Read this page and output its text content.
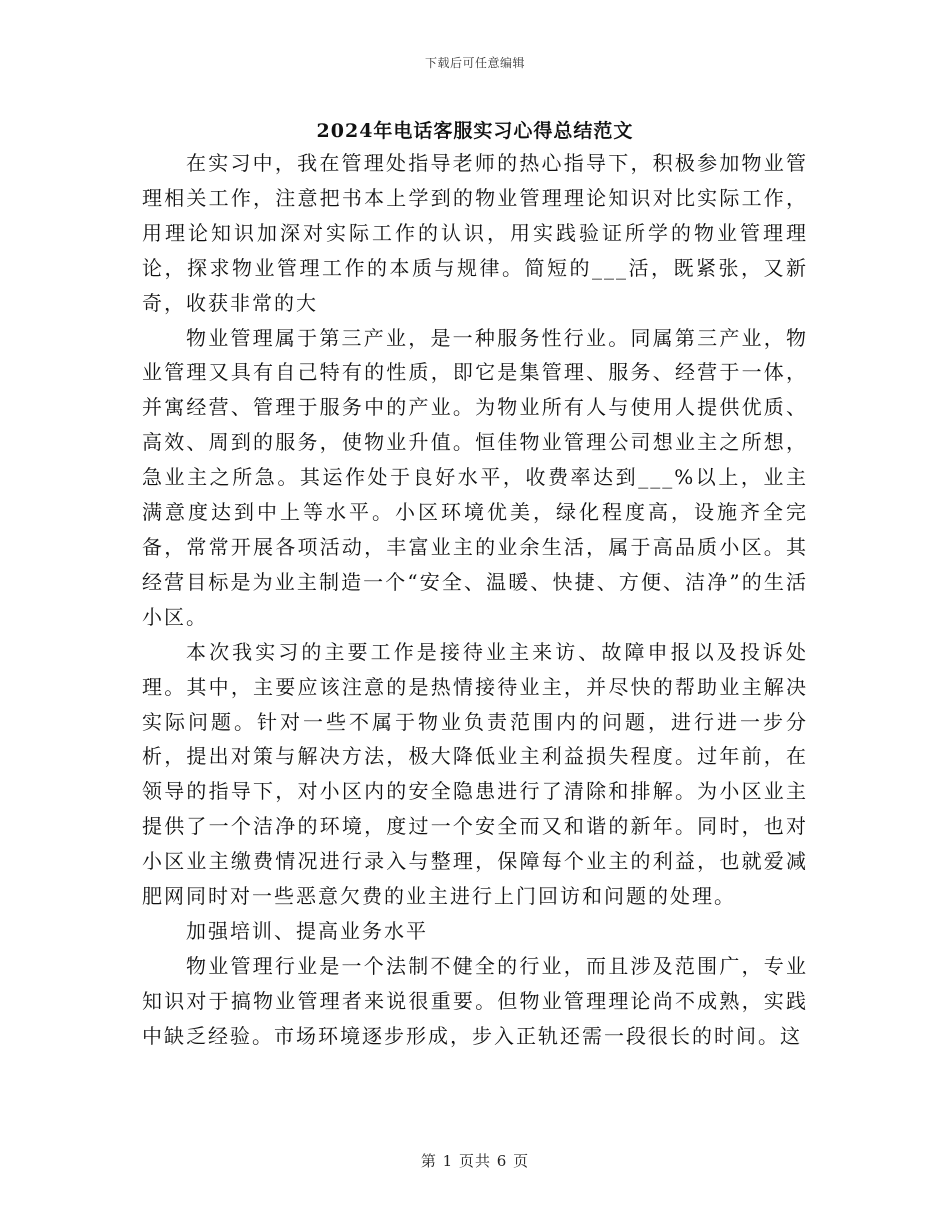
下载后可任意编辑
2024年电话客服实习心得总结范文

在实习中，我在管理处指导老师的热心指导下，积极参加物业管理相关工作，注意把书本上学到的物业管理理论知识对比实际工作，用理论知识加深对实际工作的认识，用实践验证所学的物业管理理论，探求物业管理工作的本质与规律。简短的___活，既紧张，又新奇，收获非常的大

物业管理属于第三产业，是一种服务性行业。同属第三产业，物业管理又具有自己特有的性质，即它是集管理、服务、经营于一体，并寓经营、管理于服务中的产业。为物业所有人与使用人提供优质、高效、周到的服务，使物业升值。恒佳物业管理公司想业主之所想，急业主之所急。其运作处于良好水平，收费率达到___%以上，业主满意度达到中上等水平。小区环境优美，绿化程度高，设施齐全完备，常常开展各项活动，丰富业主的业余生活，属于高品质小区。其经营目标是为业主制造一个“安全、温暖、快捷、方便、洁净”的生活小区。

本次我实习的主要工作是接待业主来访、故障申报以及投诉处理。其中，主要应该注意的是热情接待业主，并尽快的帮助业主解决实际问题。针对一些不属于物业负责范围内的问题，进行进一步分析，提出对策与解决方法，极大降低业主利益损失程度。过年前，在领导的指导下，对小区内的安全隐患进行了清除和排解。为小区业主提供了一个洁净的环境，度过一个安全而又和谐的新年。同时，也对小区业主缴费情况进行录入与整理，保障每个业主的利益，也就爱减肥网同时对一些恶意欠费的业主进行上门回访和问题的处理。

加强培训、提高业务水平

物业管理行业是一个法制不健全的行业，而且涉及范围广，专业知识对于搞物业管理者来说很重要。但物业管理理论尚不成熟，实践中缺乏经验。市场环境逐步形成，步入正轨还需一段很长的时间。这

第 1 页共 6 页
